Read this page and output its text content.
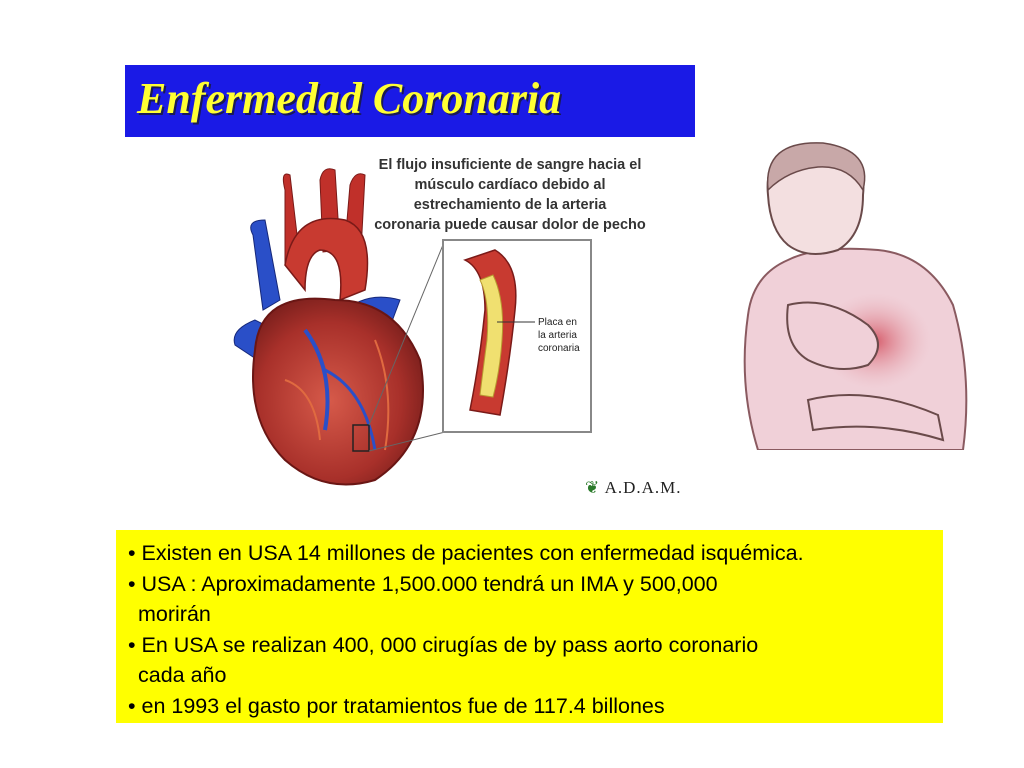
Enfermedad Coronaria
El flujo insuficiente de sangre hacia el
músculo cardíaco debido al
estrechamiento de la arteria
coronaria puede causar dolor de pecho
Placa en
la arteria
coronaria
❦ A.D.A.M.

• Existen en USA 14 millones de pacientes con enfermedad isquémica.

• USA : Aproximadamente 1,500.000 tendrá un IMA y 500,000

morirán

• En USA se realizan 400, 000 cirugías de by pass aorto coronario

cada año

• en 1993 el gasto por tratamientos fue de 117.4 billones
